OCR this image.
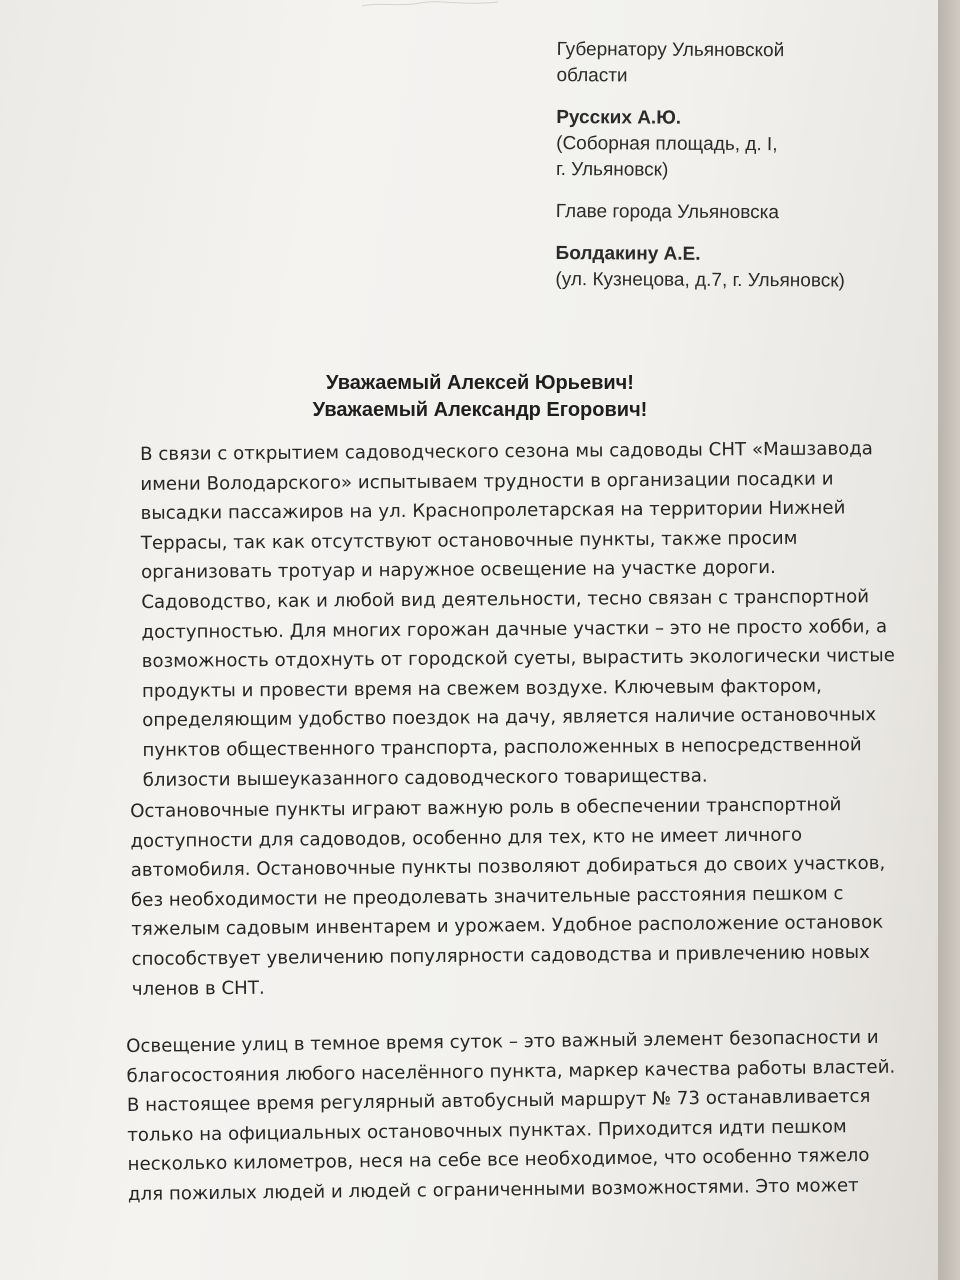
Губернатору Ульяновской
области
Русских А.Ю.
(Соборная площадь, д. I,
г. Ульяновск)
Главе города Ульяновска
Болдакину А.Е.
(ул. Кузнецова, д.7, г. Ульяновск)
Уважаемый Алексей Юрьевич!
Уважаемый Александр Егорович!
В связи с открытием садоводческого сезона мы садоводы СНТ «Машзавода
имени Володарского» испытываем трудности в организации посадки и
высадки пассажиров на ул. Краснопролетарская на территории Нижней
Террасы, так как отсутствуют остановочные пункты, также просим
организовать тротуар и наружное освещение на участке дороги.
Садоводство, как и любой вид деятельности, тесно связан с транспортной
доступностью. Для многих горожан дачные участки – это не просто хобби, а
возможность отдохнуть от городской суеты, вырастить экологически чистые
продукты и провести время на свежем воздухе. Ключевым фактором,
определяющим удобство поездок на дачу, является наличие остановочных
пунктов общественного транспорта, расположенных в непосредственной
близости вышеуказанного садоводческого товарищества.
Остановочные пункты играют важную роль в обеспечении транспортной
доступности для садоводов, особенно для тех, кто не имеет личного
автомобиля. Остановочные пункты позволяют добираться до своих участков,
без необходимости не преодолевать значительные расстояния пешком с
тяжелым садовым инвентарем и урожаем. Удобное расположение остановок
способствует увеличению популярности садоводства и привлечению новых
членов в СНТ.
Освещение улиц в темное время суток – это важный элемент безопасности и
благосостояния любого населённого пункта, маркер качества работы властей.
В настоящее время регулярный автобусный маршрут № 73 останавливается
только на официальных остановочных пунктах. Приходится идти пешком
несколько километров, неся на себе все необходимое, что особенно тяжело
для пожилых людей и людей с ограниченными возможностями. Это может
